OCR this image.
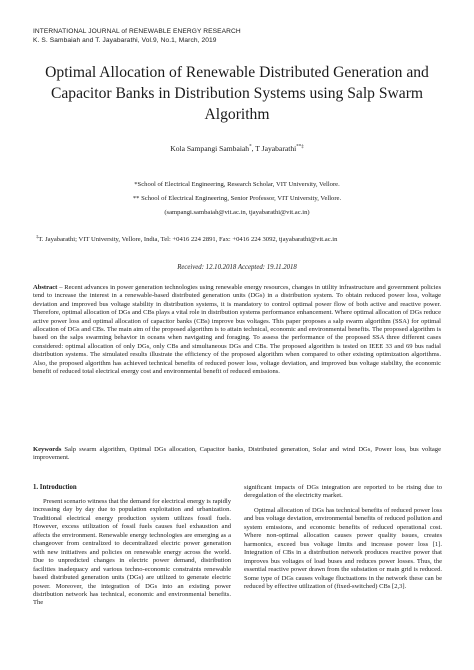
INTERNATIONAL JOURNAL of RENEWABLE ENERGY RESEARCH
K. S. Sambaiah and T. Jayabarathi, Vol.9, No.1, March, 2019
Optimal Allocation of Renewable Distributed Generation and Capacitor Banks in Distribution Systems using Salp Swarm Algorithm
Kola Sampangi Sambaiah*, T Jayabarathi**‡
*School of Electrical Engineering, Research Scholar, VIT University, Vellore.
** School of Electrical Engineering, Senior Professor, VIT University, Vellore.
(sampangi.sambaiah@vit.ac.in, tjayabarathi@vit.ac.in)
‡T. Jayabarathi; VIT University, Vellore, India, Tel: +0416 224 2891, Fax: +0416 224 3092, tjayabarathi@vit.ac.in
Received: 12.10.2018 Accepted: 19.11.2018
Abstract – Recent advances in power generation technologies using renewable energy resources, changes in utility infrastructure and government policies tend to increase the interest in a renewable-based distributed generation units (DGs) in a distribution system. To obtain reduced power loss, voltage deviation and improved bus voltage stability in distribution systems, it is mandatory to control optimal power flow of both active and reactive power. Therefore, optimal allocation of DGs and CBs plays a vital role in distribution systems performance enhancement. Where optimal allocation of DGs reduce active power loss and optimal allocation of capacitor banks (CBs) improve bus voltages. This paper proposes a salp swarm algorithm (SSA) for optimal allocation of DGs and CBs. The main aim of the proposed algorithm is to attain technical, economic and environmental benefits. The proposed algorithm is based on the salps swarming behavior in oceans when navigating and foraging. To assess the performance of the proposed SSA three different cases considered: optimal allocation of only DGs, only CBs and simultaneous DGs and CBs. The proposed algorithm is tested on IEEE 33 and 69 bus radial distribution systems. The simulated results illustrate the efficiency of the proposed algorithm when compared to other existing optimization algorithms. Also, the proposed algorithm has achieved technical benefits of reduced power loss, voltage deviation, and improved bus voltage stability, the economic benefit of reduced total electrical energy cost and environmental benefit of reduced emissions.
Keywords Salp swarm algorithm, Optimal DGs allocation, Capacitor banks, Distributed generation, Solar and wind DGs, Power loss, bus voltage improvement.
1. Introduction

Present scenario witness that the demand for electrical energy is rapidly increasing day by day due to population exploitation and urbanization. Traditional electrical energy production system utilizes fossil fuels. However, excess utilization of fossil fuels causes fuel exhaustion and affects the environment. Renewable energy technologies are emerging as a changeover from centralized to decentralized electric power generation with new initiatives and policies on renewable energy across the world. Due to unpredicted changes in electric power demand, distribution facilities inadequacy and various techno-economic constraints renewable based distributed generation units (DGs) are utilized to generate electric power. Moreover, the integration of DGs into an existing power distribution network has technical, economic and environmental benefits. The

significant impacts of DGs integration are reported to be rising due to deregulation of the electricity market.

Optimal allocation of DGs has technical benefits of reduced power loss and bus voltage deviation, environmental benefits of reduced pollution and system emissions, and economic benefits of reduced operational cost. Where non-optimal allocation causes power quality issues, creates harmonics, exceed bus voltage limits and increase power loss [1]. Integration of CBs in a distribution network produces reactive power that improves bus voltages of load buses and reduces power losses. Thus, the essential reactive power drawn from the substation or main grid is reduced. Some type of DGs causes voltage fluctuations in the network these can be reduced by effective utilization of (fixed-switched) CBs [2,3].
